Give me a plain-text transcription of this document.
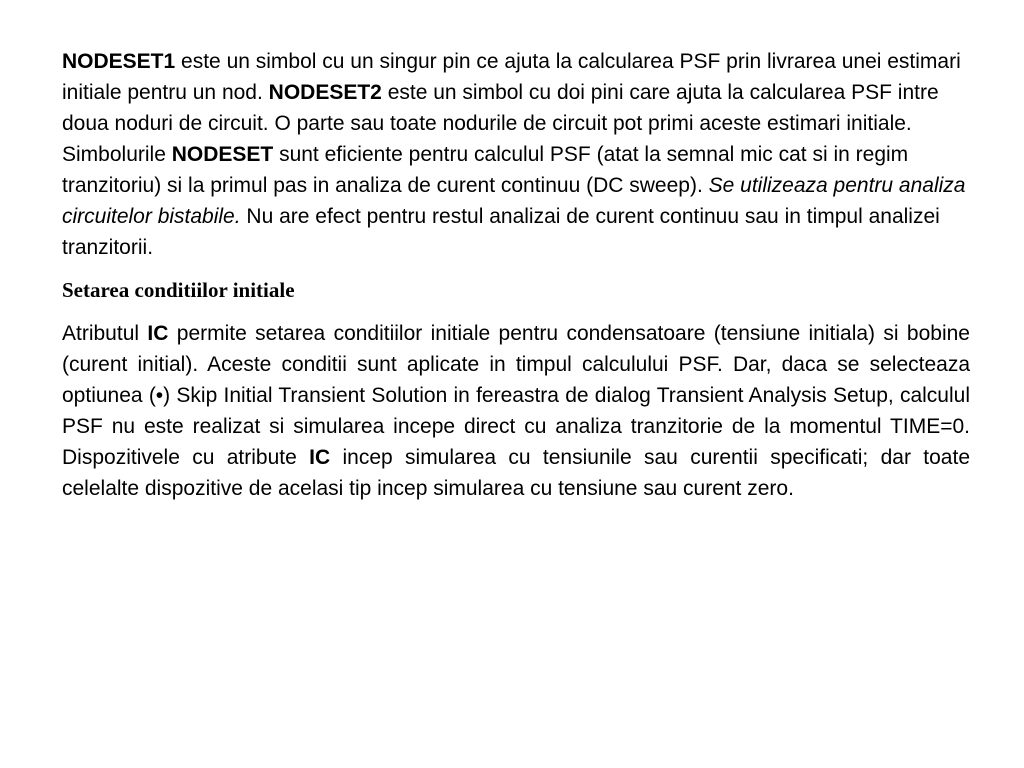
NODESET1 este un simbol cu un singur pin ce ajuta la calcularea PSF prin livrarea unei estimari initiale pentru un nod. NODESET2 este un simbol cu doi pini care ajuta la calcularea PSF intre doua noduri de circuit. O parte sau toate nodurile de circuit pot primi aceste estimari initiale. Simbolurile NODESET sunt eficiente pentru calculul PSF (atat la semnal mic cat si in regim tranzitoriu) si la primul pas in analiza de curent continuu (DC sweep). Se utilizeaza pentru analiza circuitelor bistabile. Nu are efect pentru restul analizai de curent continuu sau in timpul analizei tranzitorii.

Setarea conditiilor initiale

Atributul IC permite setarea conditiilor initiale pentru condensatoare (tensiune initiala) si bobine (curent initial). Aceste conditii sunt aplicate in timpul calculului PSF. Dar, daca se selecteaza optiunea (•) Skip Initial Transient Solution in fereastra de dialog Transient Analysis Setup, calculul PSF nu este realizat si simularea incepe direct cu analiza tranzitorie de la momentul TIME=0. Dispozitivele cu atribute IC incep simularea cu tensiunile sau curentii specificati; dar toate celelalte dispozitive de acelasi tip incep simularea cu tensiune sau curent zero.
